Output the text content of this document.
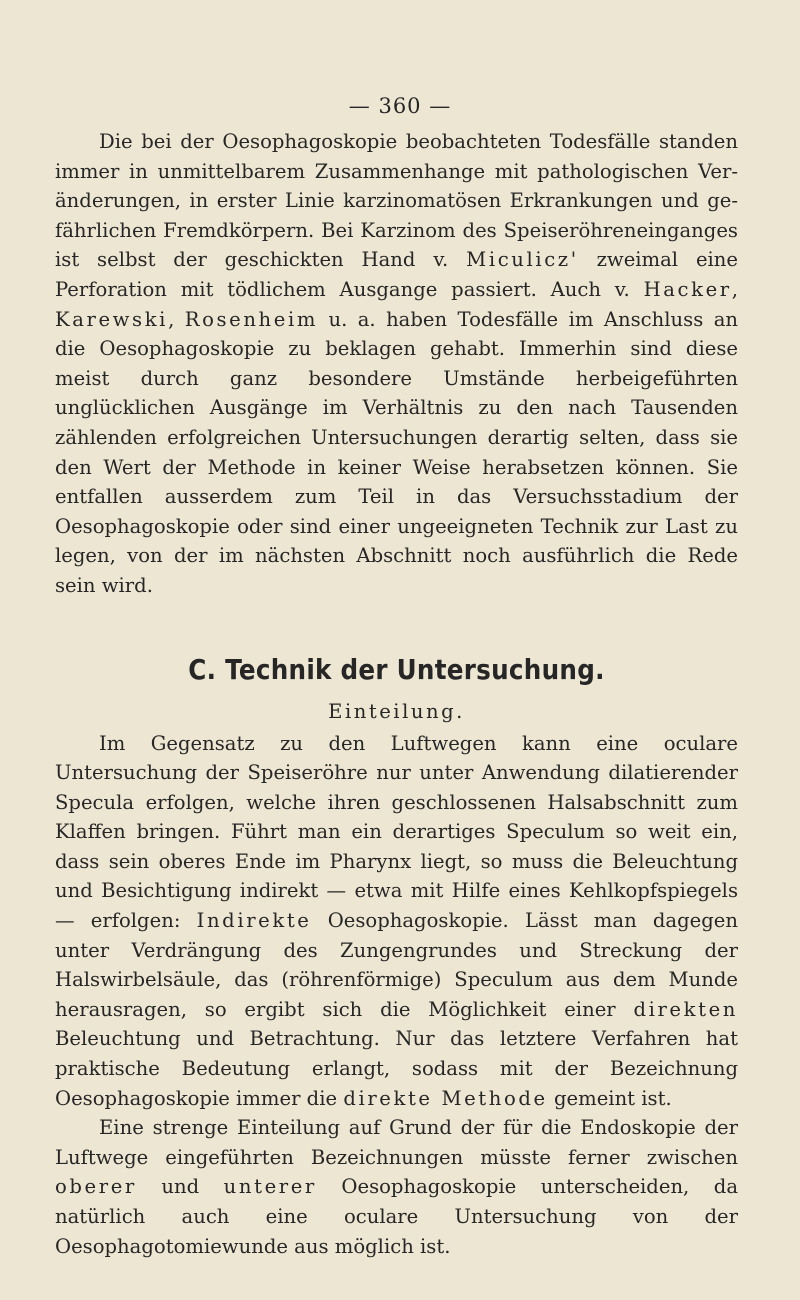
— 360 —

Die bei der Oesophagoskopie beobachteten Todesfälle standen immer in unmittelbarem Zusammenhange mit pathologischen Veränderungen, in erster Linie karzinomatösen Erkrankungen und gefährlichen Fremdkörpern. Bei Karzinom des Speiseröhreneinganges ist selbst der geschickten Hand v. Miculicz' zweimal eine Perforation mit tödlichem Ausgange passiert. Auch v. Hacker, Karewski, Rosenheim u. a. haben Todesfälle im Anschluss an die Oesophagoskopie zu beklagen gehabt. Immerhin sind diese meist durch ganz besondere Umstände herbeigeführten unglücklichen Ausgänge im Verhältnis zu den nach Tausenden zählenden erfolgreichen Untersuchungen derartig selten, dass sie den Wert der Methode in keiner Weise herabsetzen können. Sie entfallen ausserdem zum Teil in das Versuchsstadium der Oesophagoskopie oder sind einer ungeeigneten Technik zur Last zu legen, von der im nächsten Abschnitt noch ausführlich die Rede sein wird.

C. Technik der Untersuchung.
Einteilung.

Im Gegensatz zu den Luftwegen kann eine oculare Untersuchung der Speiseröhre nur unter Anwendung dilatierender Specula erfolgen, welche ihren geschlossenen Halsabschnitt zum Klaffen bringen. Führt man ein derartiges Speculum so weit ein, dass sein oberes Ende im Pharynx liegt, so muss die Beleuchtung und Besichtigung indirekt — etwa mit Hilfe eines Kehlkopfspiegels — erfolgen: Indirekte Oesophagoskopie. Lässt man dagegen unter Verdrängung des Zungengrundes und Streckung der Halswirbelsäule, das (röhrenförmige) Speculum aus dem Munde herausragen, so ergibt sich die Möglichkeit einer direkten Beleuchtung und Betrachtung. Nur das letztere Verfahren hat praktische Bedeutung erlangt, sodass mit der Bezeichnung Oesophagoskopie immer die direkte Methode gemeint ist.

Eine strenge Einteilung auf Grund der für die Endoskopie der Luftwege eingeführten Bezeichnungen müsste ferner zwischen oberer und unterer Oesophagoskopie unterscheiden, da natürlich auch eine oculare Untersuchung von der Oesophagotomiewunde aus möglich ist.
